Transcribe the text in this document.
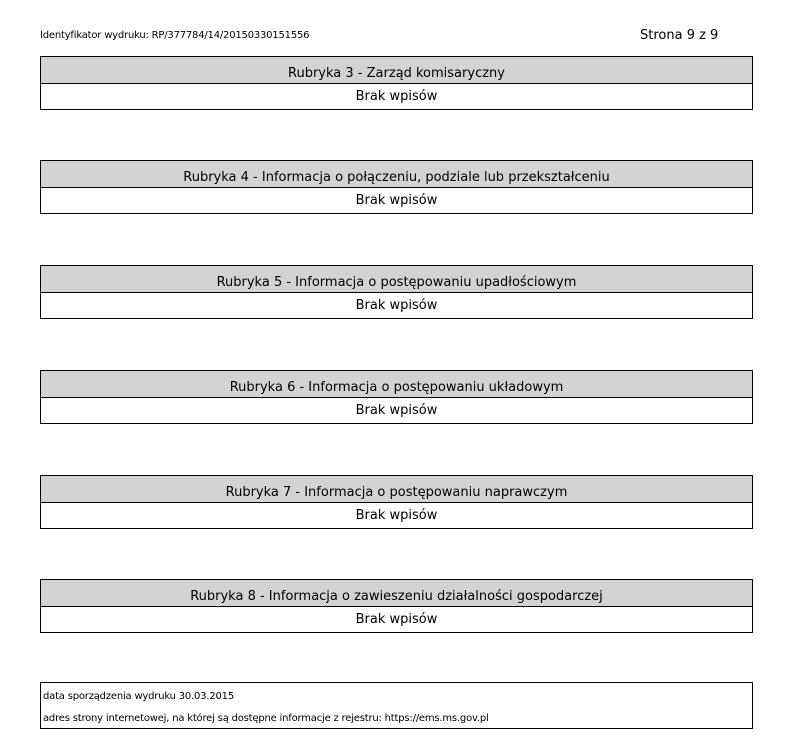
Identyfikator wydruku: RP/377784/14/20150330151556	Strona 9 z 9
Rubryka 3 - Zarząd komisaryczny
Brak wpisów
Rubryka 4 - Informacja o połączeniu, podziale lub przekształceniu
Brak wpisów
Rubryka 5 - Informacja o postępowaniu upadłościowym
Brak wpisów
Rubryka 6 - Informacja o postępowaniu układowym
Brak wpisów
Rubryka 7 - Informacja o postępowaniu naprawczym
Brak wpisów
Rubryka 8 - Informacja o zawieszeniu działalności gospodarczej
Brak wpisów
data sporządzenia wydruku 30.03.2015
adres strony internetowej, na której są dostępne informacje z rejestru: https://ems.ms.gov.pl
